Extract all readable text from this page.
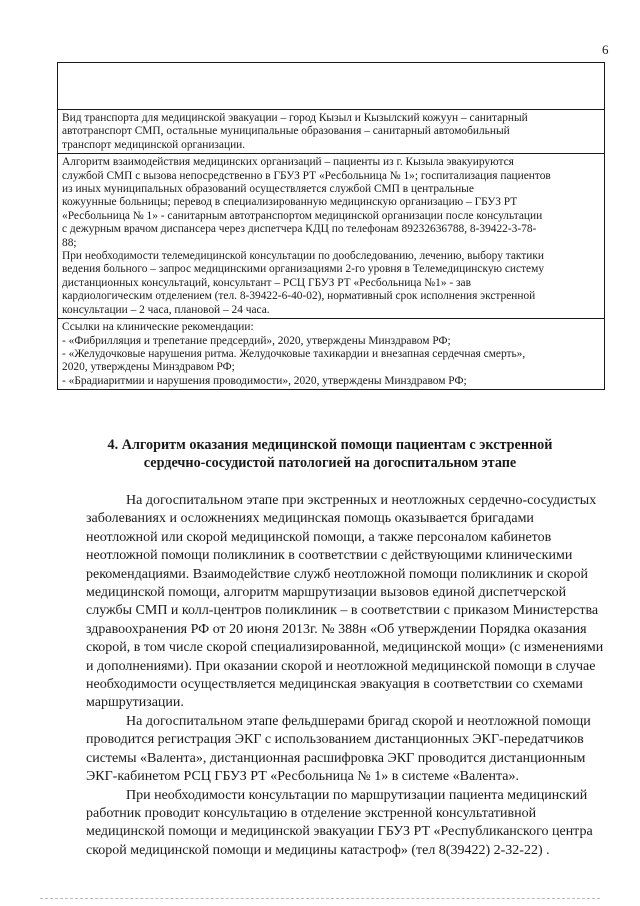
6

Вид транспорта для медицинской эвакуации – город Кызыл и Кызылский кожуун – санитарный
автотранспорт СМП, остальные муниципальные образования – санитарный автомобильный
транспорт медицинской организации.

Алгоритм взаимодействия медицинских организаций – пациенты из г. Кызыла эвакуируются
службой СМП с вызова непосредственно в ГБУЗ РТ «Ресбольница № 1»; госпитализация пациентов
из иных муниципальных образований осуществляется службой СМП в центральные
кожуунные больницы; перевод в специализированную медицинскую организацию – ГБУЗ РТ
«Ресбольница № 1» - санитарным автотранспортом медицинской организации после консультации
с дежурным врачом диспансера через диспетчера КДЦ по телефонам 89232636788, 8-39422-3-78-
88;

При необходимости телемедицинской консультации по дообследованию, лечению, выбору тактики
ведения больного – запрос медицинскими организациями 2-го уровня в Телемедицинскую систему
дистанционных консультаций, консультант – РСЦ ГБУЗ РТ «Ресбольница №1» - зав
кардиологическим отделением (тел. 8-39422-6-40-02), нормативный срок исполнения экстренной
консультации – 2 часа, плановой – 24 часа.

Ссылки на клинические рекомендации:
- «Фибрилляция и трепетание предсердий», 2020, утверждены Минздравом РФ;
- «Желудочковые нарушения ритма. Желудочковые тахикардии и внезапная сердечная смерть»,
2020, утверждены Минздравом РФ;
- «Брадиаритмии и нарушения проводимости», 2020, утверждены Минздравом РФ;

4. Алгоритм оказания медицинской помощи пациентам с экстренной
сердечно-сосудистой патологией на догоспитальном этапе

На догоспитальном этапе при экстренных и неотложных сердечно-сосудистых
заболеваниях и осложнениях медицинская помощь оказывается бригадами
неотложной или скорой медицинской помощи, а также персоналом кабинетов
неотложной помощи поликлиник в соответствии с действующими клиническими
рекомендациями. Взаимодействие служб неотложной помощи поликлиник и скорой
медицинской помощи, алгоритм маршрутизации вызовов единой диспетчерской
службы СМП и колл-центров поликлиник – в соответствии с приказом Министерства
здравоохранения РФ от 20 июня 2013г. № 388н «Об утверждении Порядка оказания
скорой, в том числе скорой специализированной, медицинской мощи» (с изменениями
и дополнениями). При оказании скорой и неотложной медицинской помощи в случае
необходимости осуществляется медицинская эвакуация в соответствии со схемами
маршрутизации.

На догоспитальном этапе фельдшерами бригад скорой и неотложной помощи
проводится регистрация ЭКГ с использованием дистанционных ЭКГ-передатчиков
системы «Валента», дистанционная расшифровка ЭКГ проводится дистанционным
ЭКГ-кабинетом РСЦ ГБУЗ РТ «Ресбольница № 1» в системе «Валента».

При необходимости консультации по маршрутизации пациента медицинский
работник проводит консультацию в отделение экстренной консультативной
медицинской помощи и медицинской эвакуации ГБУЗ РТ «Республиканского центра
скорой медицинской помощи и медицины катастроф» (тел 8(39422) 2-32-22) .
